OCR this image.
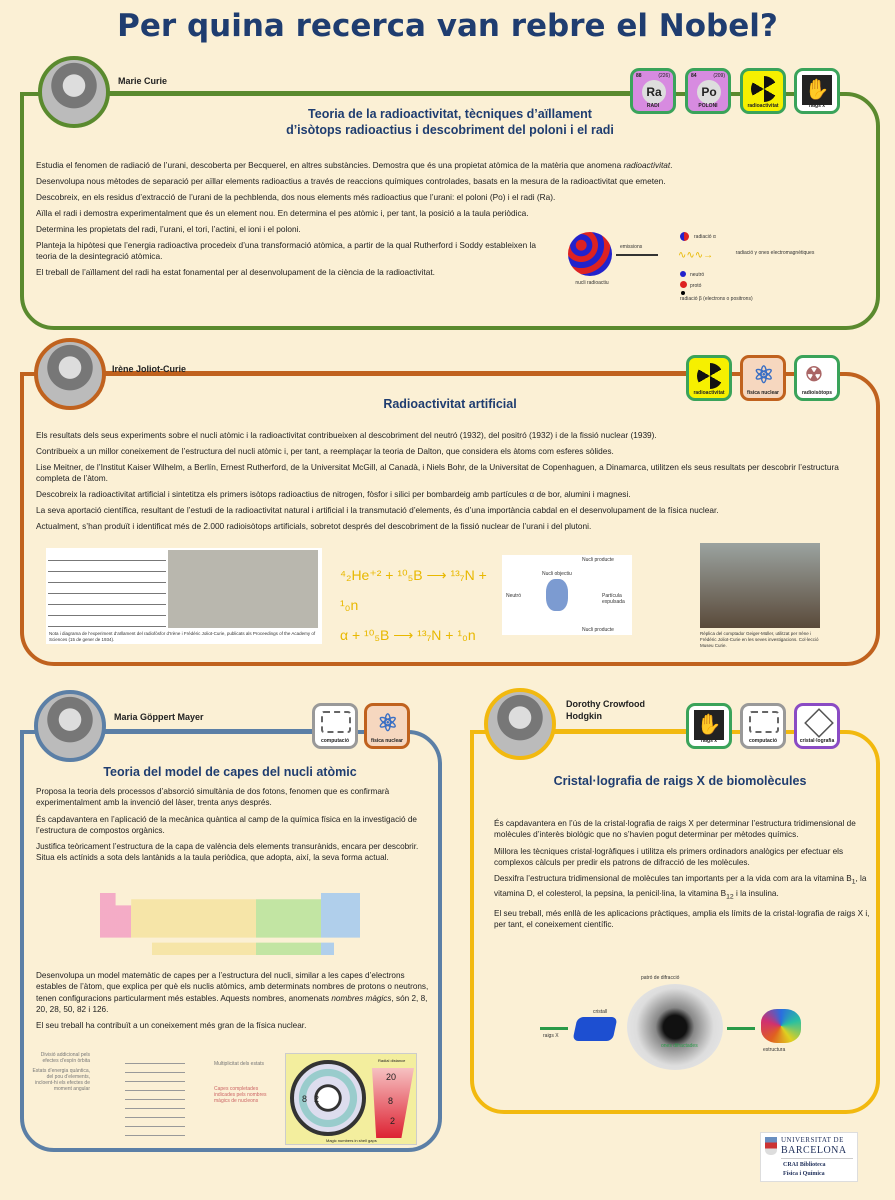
Per quina recerca van rebre el Nobel?
Marie Curie	88	(226)
Ra
RADI
84	(209)
Po
POLONI	radioactivitat
✋
raigs x
Teoria de la radioactivitat, tècniques d’aïllament
d’isòtops radioactius i descobriment del poloni i el radi

Estudia el fenomen de radiació de l’urani, descoberta per Becquerel, en altres substàncies. Demostra que és una propietat atòmica de la matèria que anomena radioactivitat.

Desenvolupa nous mètodes de separació per aïllar elements radioactius a través de reaccions químiques controlades, basats en la mesura de la radioactivitat que emeten.

Descobreix, en els residus d’extracció de l’urani de la pechblenda, dos nous elements més radioactius que l’urani: el poloni (Po) i el radi (Ra).

Aïlla el radi i demostra experimentalment que és un element nou. En determina el pes atòmic i, per tant, la posició a la taula periòdica.

Determina les propietats del radi, l’urani, el tori, l’actini, el ioni i el poloni.

Planteja la hipòtesi que l’energia radioactiva procedeix d’una transformació atòmica, a partir de la qual Rutherford i Soddy estableixen la teoria de la desintegració atòmica.

El treball de l’aïllament del radi ha estat fonamental per al desenvolupament de la ciència de la radioactivitat.

nucli radioactiu
emissions
radiació α
∿∿∿→	radiació γ ones electromagnètiques
neutró
protó
radiació β (electrons o positrons)
Irène Joliot-Curie
radioactivitat
⚛
física nuclear
☢
radioisòtops
Radioactivitat artificial

Els resultats dels seus experiments sobre el nucli atòmic i la radioactivitat contribueixen al descobriment del neutró (1932), del positró (1932) i de la fissió nuclear (1939).

Contribueix a un millor coneixement de l’estructura del nucli atòmic i, per tant, a reemplaçar la teoria de Dalton, que considera els àtoms com esferes sòlides.

Lise Meitner, de l’Institut Kaiser Wilhelm, a Berlín, Ernest Rutherford, de la Universitat McGill, al Canadà, i Niels Bohr, de la Universitat de Copenhaguen, a Dinamarca, utilitzen els seus resultats per descobrir l’estructura completa de l’àtom.

Descobreix la radioactivitat artificial i sintetitza els primers isòtops radioactius de nitrogen, fòsfor i silici per bombardeig amb partícules α de bor, alumini i magnesi.

La seva aportació científica, resultant de l’estudi de la radioactivitat natural i artificial i la transmutació d’elements, és d’una importància cabdal en el desenvolupament de la física nuclear.

Actualment, s’han produït i identificat més de 2.000 radioisòtops artificials, sobretot després del descobriment de la fissió nuclear de l’urani i del plutoni.

Nota i diagrama de l’experiment d’aïllament del radiofòsfor d’Irène i Frédéric Joliot-Curie, publicats als Proceedings of the Academy of Sciences (15 de gener de 1934).
⁴₂He⁺² + ¹⁰₅B ⟶ ¹³₇N + ¹₀n
α + ¹⁰₅B ⟶ ¹³₇N + ¹₀n
Neutró
Nucli objectiu
Nucli producte
Nucli producte
Partícula expulsada
Rèplica del comptador Geiger-Müller, utilitzat per Irène i Frédéric Joliot-Curie en les seves investigacions. Col·lecció Museu Curie.
Maria Göppert Mayer
computació
⚛
física nuclear
Teoria del model de capes del nucli atòmic

Proposa la teoria dels processos d’absorció simultània de dos fotons, fenomen que es confirmarà experimentalment amb la invenció del làser, trenta anys després.

És capdavantera en l’aplicació de la mecànica quàntica al camp de la química física en la investigació de l’estructura de compostos orgànics.

Justifica teòricament l’estructura de la capa de valència dels elements transurànids, encara per descobrir. Situa els actínids a sota dels lantànids a la taula periòdica, que adopta, així, la seva forma actual.

Desenvolupa un model matemàtic de capes per a l’estructura del nucli, similar a les capes d’electrons estables de l’àtom, que explica per què els nuclis atòmics, amb determinats nombres de protons o neutrons, tenen configuracions particularment més estables. Aquests nombres, anomenats nombres màgics, són 2, 8, 20, 28, 50, 82 i 126.

El seu treball ha contribuït a un coneixement més gran de la física nuclear.

Divisió addicional pels efectes d’espín òrbita
Estats d’energia quàntica, del pou d’elements, incloent-hi els efectes de moment angular
Multiplicitat dels estats
Capes completades indicades pels nombres màgics de nucleons	8 2
Radial distance
20
8
2
Magic numbers in shell gaps
Dorothy Crowfood
Hodgkin	✋
raigs x	computació	cristal·lografia
Cristal·lografia de raigs X de biomolècules

És capdavantera en l’ús de la cristal·lografia de raigs X per determinar l’estructura tridimensional de molècules d’interès biològic que no s’havien pogut determinar per mètodes químics.

Millora les tècniques cristal·logràfiques i utilitza els primers ordinadors analògics per efectuar els complexos càlculs per predir els patrons de difracció de les molècules.

Desxifra l’estructura tridimensional de molècules tan importants per a la vida com ara la vitamina $B_1$, la vitamina D, el colesterol, la pepsina, la penicil·lina, la vitamina $B_{12}$ i la insulina.

El seu treball, més enllà de les aplicacions pràctiques, amplia els límits de la cristal·lografia de raigs X i, per tant, el coneixement científic.

patró de difracció
cristall
raigs X
ones difractades
estructura
UNIVERSITAT DE
BARCELONA
CRAI Biblioteca
Física i Química
